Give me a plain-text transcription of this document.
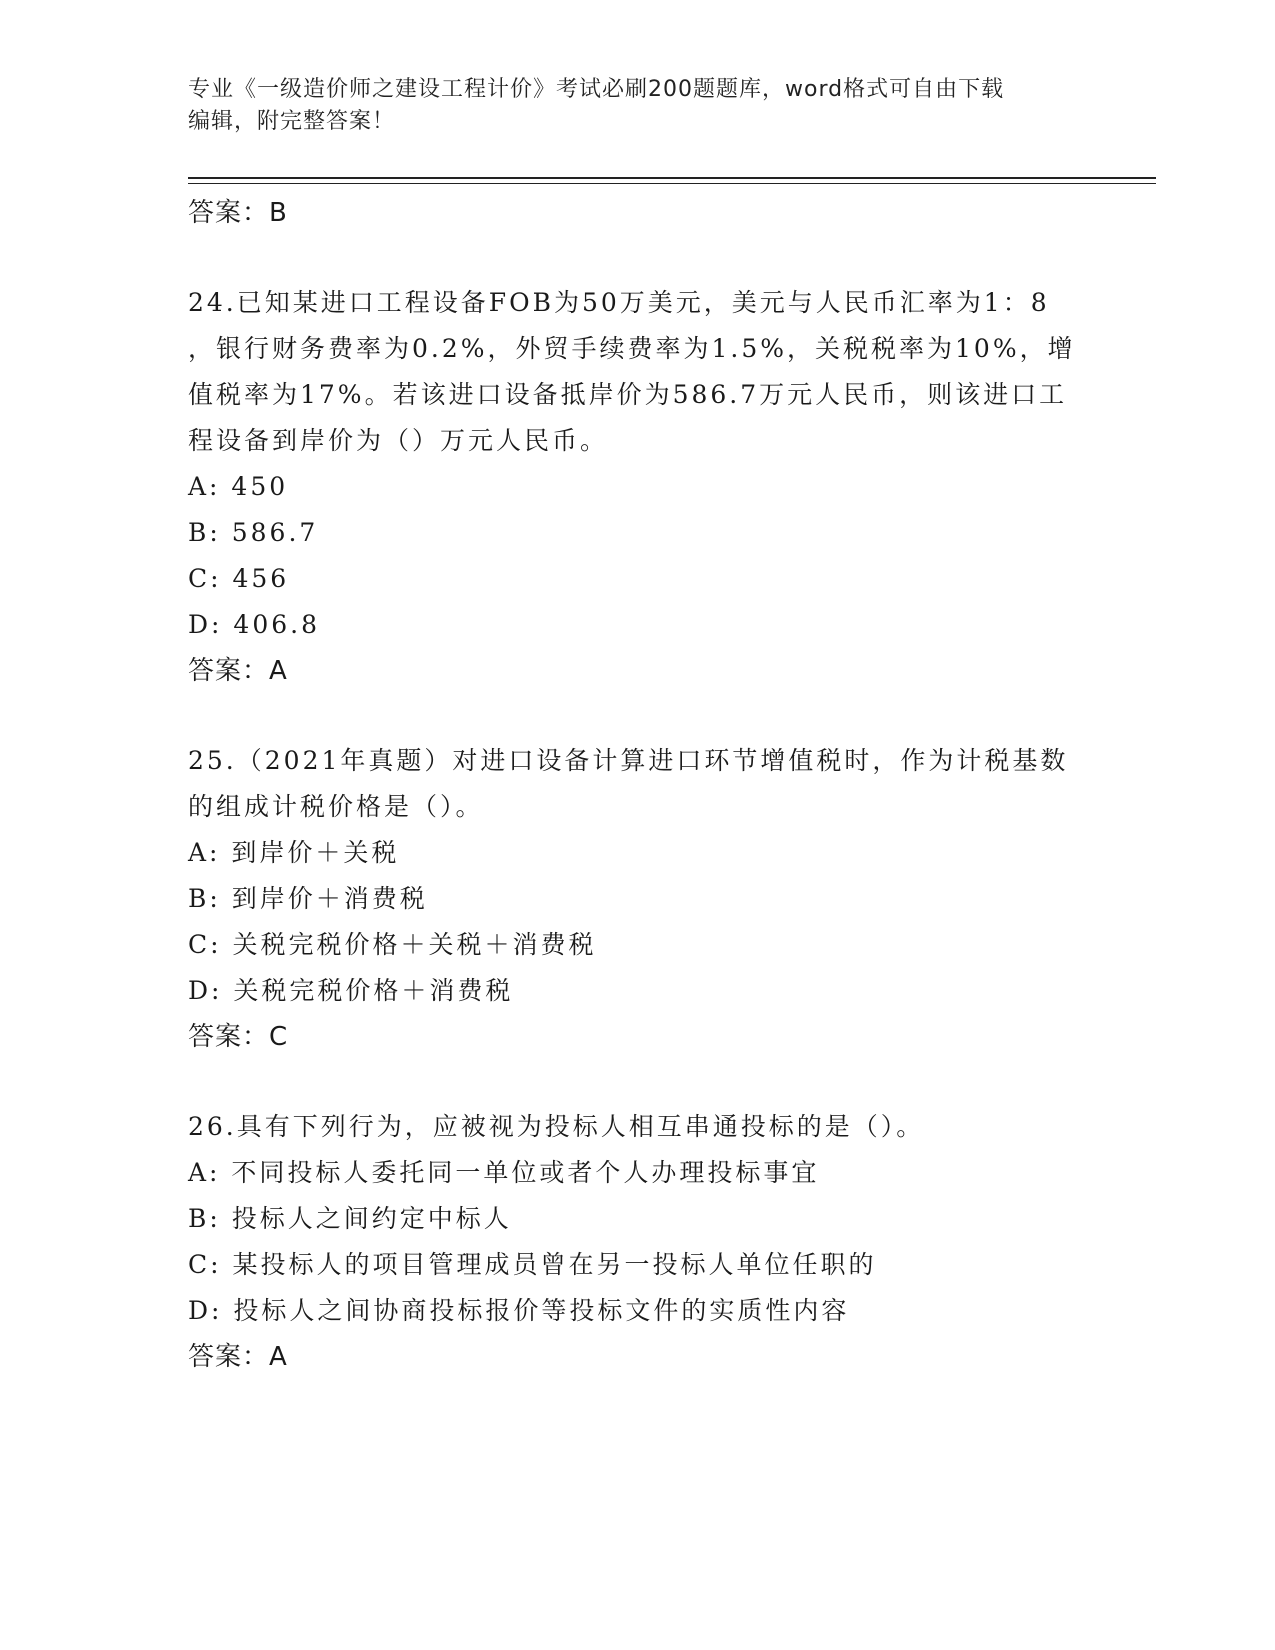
专业《一级造价师之建设工程计价》考试必刷200题题库，word格式可自由下载
编辑，附完整答案！
答案：B
24.已知某进口工程设备FOB为50万美元，美元与人民币汇率为1：8
，银行财务费率为0.2%，外贸手续费率为1.5%，关税税率为10%，增
值税率为17%。若该进口设备抵岸价为586.7万元人民币，则该进口工
程设备到岸价为（）万元人民币。
A: 450
B: 586.7
C: 456
D: 406.8
答案：A
25.（2021年真题）对进口设备计算进口环节增值税时，作为计税基数
的组成计税价格是（）。
A: 到岸价＋关税
B: 到岸价＋消费税
C: 关税完税价格＋关税＋消费税
D: 关税完税价格＋消费税
答案：C
26.具有下列行为，应被视为投标人相互串通投标的是（）。
A: 不同投标人委托同一单位或者个人办理投标事宜
B: 投标人之间约定中标人
C: 某投标人的项目管理成员曾在另一投标人单位任职的
D: 投标人之间协商投标报价等投标文件的实质性内容
答案：A
